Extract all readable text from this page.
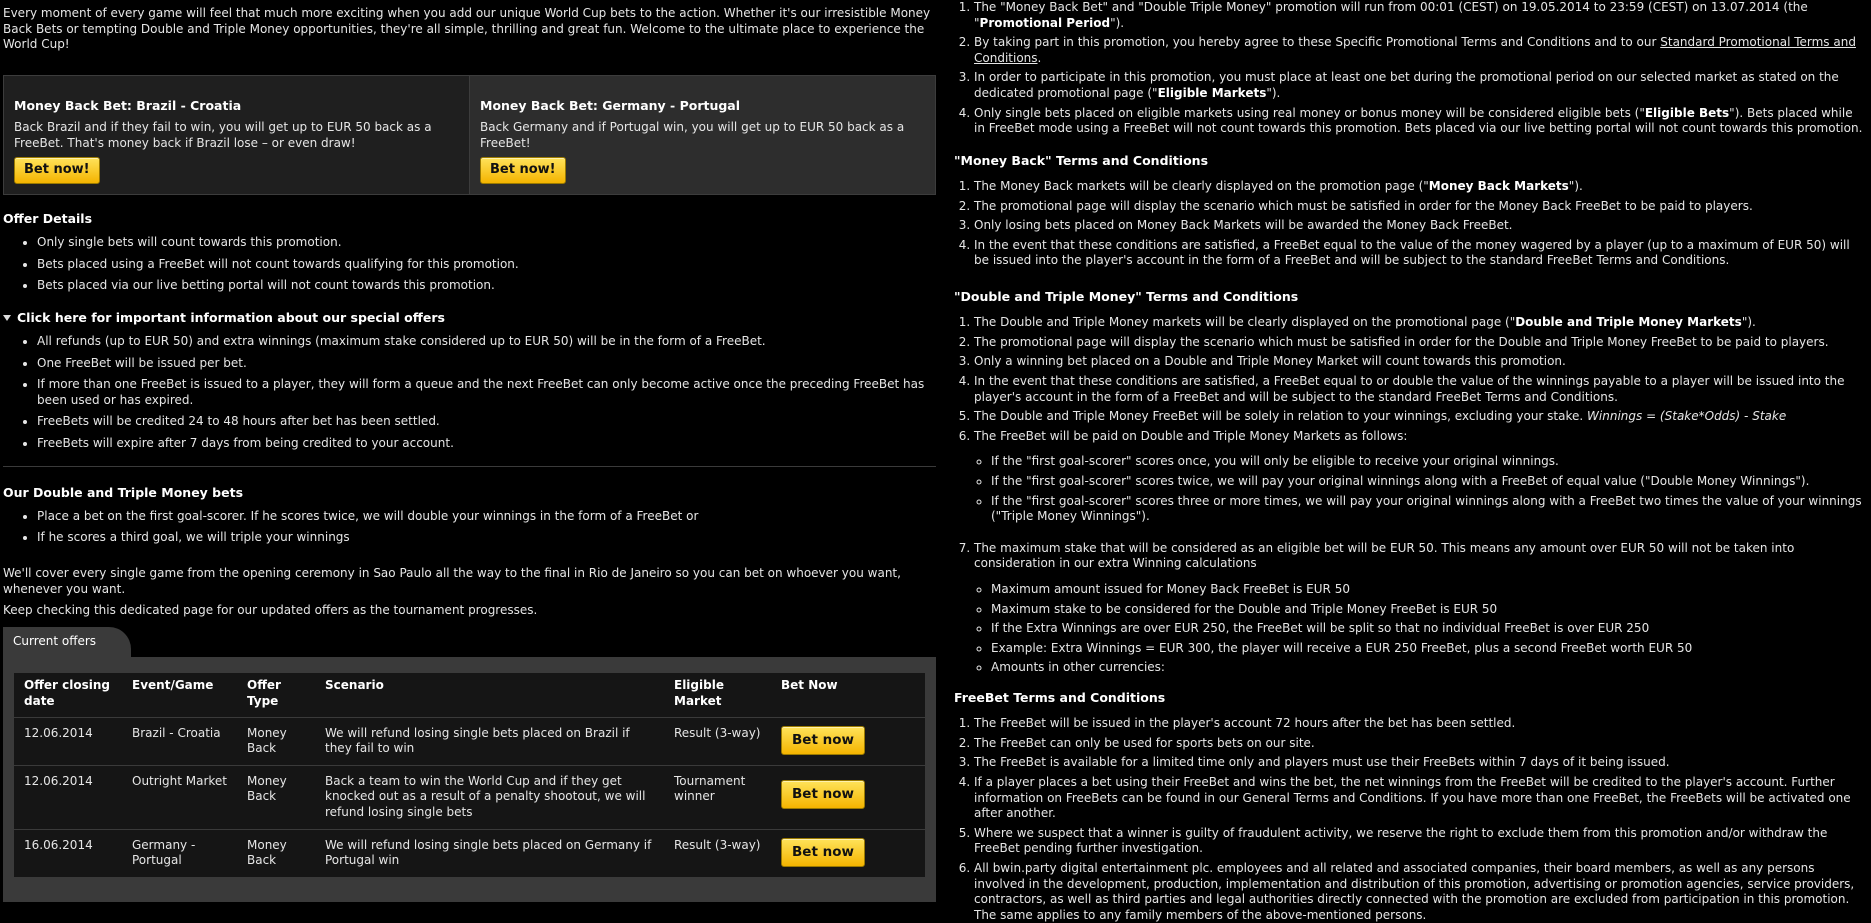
Every moment of every game will feel that much more exciting when you add our unique World Cup bets to the action. Whether it's our irresistible Money Back Bets or tempting Double and Triple Money opportunities, they're all simple, thrilling and great fun. Welcome to the ultimate place to experience the World Cup!

Money Back Bet: Brazil - Croatia

Back Brazil and if they fail to win, you will get up to EUR 50 back as a FreeBet. That's money back if Brazil lose – or even draw!

Bet now!
Money Back Bet: Germany - Portugal

Back Germany and if Portugal win, you will get up to EUR 50 back as a FreeBet!

Bet now!
Offer Details
• Only single bets will count towards this promotion.
• Bets placed using a FreeBet will not count towards qualifying for this promotion.
• Bets placed via our live betting portal will not count towards this promotion.
Click here for important information about our special offers
• All refunds (up to EUR 50) and extra winnings (maximum stake considered up to EUR 50) will be in the form of a FreeBet.
• One FreeBet will be issued per bet.
• If more than one FreeBet is issued to a player, they will form a queue and the next FreeBet can only become active once the preceding FreeBet has been used or has expired.
• FreeBets will be credited 24 to 48 hours after bet has been settled.
• FreeBets will expire after 7 days from being credited to your account.
Our Double and Triple Money bets
• Place a bet on the first goal-scorer. If he scores twice, we will double your winnings in the form of a FreeBet or
• If he scores a third goal, we will triple your winnings

We'll cover every single game from the opening ceremony in Sao Paulo all the way to the final in Rio de Janeiro so you can bet on whoever you want, whenever you want.

Keep checking this dedicated page for our updated offers as the tournament progresses.

Current offers
Offer closing date	Event/Game	Offer Type	Scenario	Eligible Market	Bet Now
12.06.2014	Brazil - Croatia	Money Back	We will refund losing single bets placed on Brazil if they fail to win	Result (3-way)	Bet now
12.06.2014	Outright Market	Money Back	Back a team to win the World Cup and if they get knocked out as a result of a penalty shootout, we will refund losing single bets	Tournament winner	Bet now
16.06.2014	Germany - Portugal	Money Back	We will refund losing single bets placed on Germany if Portugal win	Result (3-way)	Bet now
1. The "Money Back Bet" and "Double Triple Money" promotion will run from 00:01 (CEST) on 19.05.2014 to 23:59 (CEST) on 13.07.2014 (the "Promotional Period").
2. By taking part in this promotion, you hereby agree to these Specific Promotional Terms and Conditions and to our Standard Promotional Terms and Conditions.
3. In order to participate in this promotion, you must place at least one bet during the promotional period on our selected market as stated on the dedicated promotional page ("Eligible Markets").
4. Only single bets placed on eligible markets using real money or bonus money will be considered eligible bets ("Eligible Bets"). Bets placed while in FreeBet mode using a FreeBet will not count towards this promotion. Bets placed via our live betting portal will not count towards this promotion.
"Money Back" Terms and Conditions
1. The Money Back markets will be clearly displayed on the promotion page ("Money Back Markets").
2. The promotional page will display the scenario which must be satisfied in order for the Money Back FreeBet to be paid to players.
3. Only losing bets placed on Money Back Markets will be awarded the Money Back FreeBet.
4. In the event that these conditions are satisfied, a FreeBet equal to the value of the money wagered by a player (up to a maximum of EUR 50) will be issued into the player's account in the form of a FreeBet and will be subject to the standard FreeBet Terms and Conditions.
"Double and Triple Money" Terms and Conditions
1. The Double and Triple Money markets will be clearly displayed on the promotional page ("Double and Triple Money Markets").
2. The promotional page will display the scenario which must be satisfied in order for the Double and Triple Money FreeBet to be paid to players.
3. Only a winning bet placed on a Double and Triple Money Market will count towards this promotion.
4. In the event that these conditions are satisfied, a FreeBet equal to or double the value of the winnings payable to a player will be issued into the player's account in the form of a FreeBet and will be subject to the standard FreeBet Terms and Conditions.
5. The Double and Triple Money FreeBet will be solely in relation to your winnings, excluding your stake. Winnings = (Stake*Odds) - Stake
6. The FreeBet will be paid on Double and Triple Money Markets as follows:
◦ If the "first goal-scorer" scores once, you will only be eligible to receive your original winnings.
◦ If the "first goal-scorer" scores twice, we will pay your original winnings along with a FreeBet of equal value ("Double Money Winnings").
◦ If the "first goal-scorer" scores three or more times, we will pay your original winnings along with a FreeBet two times the value of your winnings ("Triple Money Winnings").
7. The maximum stake that will be considered as an eligible bet will be EUR 50. This means any amount over EUR 50 will not be taken into consideration in our extra Winning calculations
◦ Maximum amount issued for Money Back FreeBet is EUR 50
◦ Maximum stake to be considered for the Double and Triple Money FreeBet is EUR 50
◦ If the Extra Winnings are over EUR 250, the FreeBet will be split so that no individual FreeBet is over EUR 250
◦ Example: Extra Winnings = EUR 300, the player will receive a EUR 250 FreeBet, plus a second FreeBet worth EUR 50
◦ Amounts in other currencies:
FreeBet Terms and Conditions
1. The FreeBet will be issued in the player's account 72 hours after the bet has been settled.
2. The FreeBet can only be used for sports bets on our site.
3. The FreeBet is available for a limited time only and players must use their FreeBets within 7 days of it being issued.
4. If a player places a bet using their FreeBet and wins the bet, the net winnings from the FreeBet will be credited to the player's account. Further information on FreeBets can be found in our General Terms and Conditions. If you have more than one FreeBet, the FreeBets will be activated one after another.
5. Where we suspect that a winner is guilty of fraudulent activity, we reserve the right to exclude them from this promotion and/or withdraw the FreeBet pending further investigation.
6. All bwin.party digital entertainment plc. employees and all related and associated companies, their board members, as well as any persons involved in the development, production, implementation and distribution of this promotion, advertising or promotion agencies, service providers, contractors, as well as third parties and legal authorities directly connected with the promotion are excluded from participation in this promotion. The same applies to any family members of the above-mentioned persons.
